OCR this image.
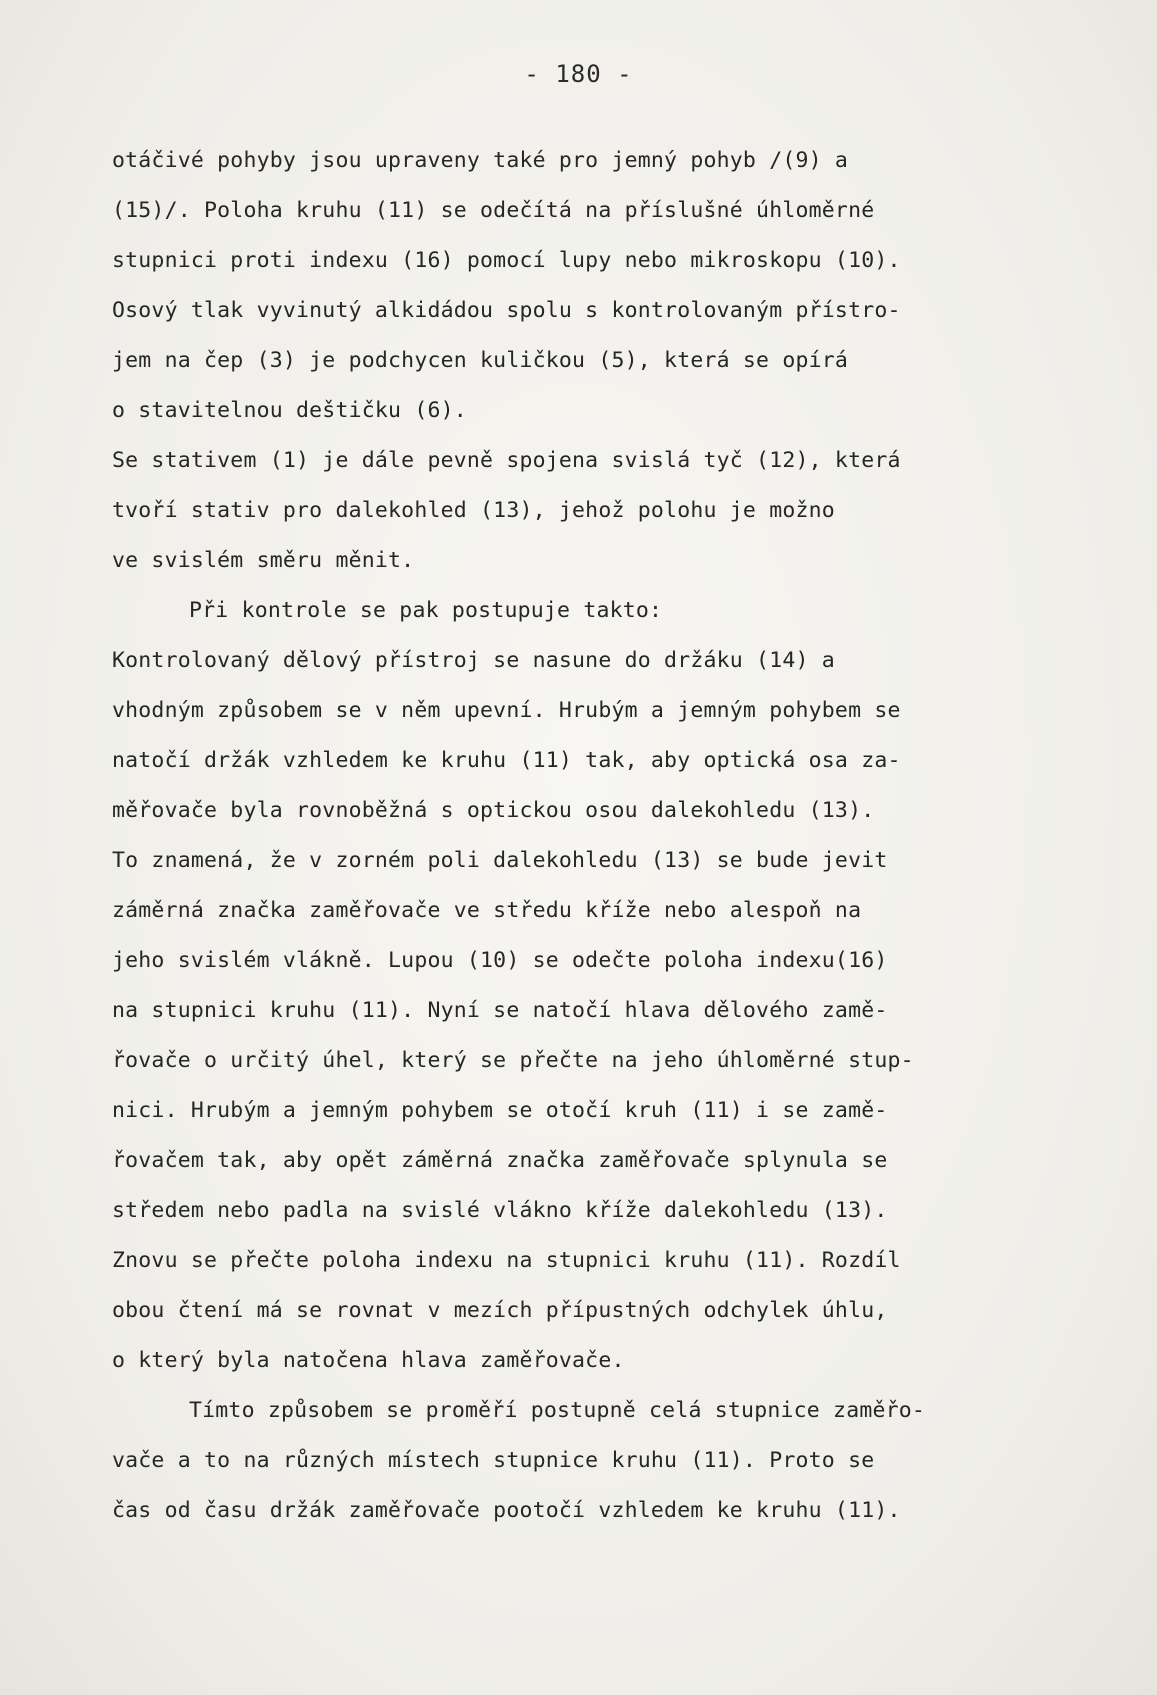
- 180 -
otáčivé pohyby jsou upraveny také pro jemný pohyb /(9) a
(15)/. Poloha kruhu (11) se odečítá na příslušné úhloměrné
stupnici proti indexu (16) pomocí lupy nebo mikroskopu (10).
Osový tlak vyvinutý alkidádou spolu s kontrolovaným přístro-
jem na čep (3) je podchycen kuličkou (5), která se opírá
o stavitelnou deštičku (6).
Se stativem (1) je dále pevně spojena svislá tyč (12), která
tvoří stativ pro dalekohled (13), jehož polohu je možno
ve svislém směru měnit.
Při kontrole se pak postupuje takto:
Kontrolovaný dělový přístroj se nasune do držáku (14) a
vhodným způsobem se v něm upevní. Hrubým a jemným pohybem se
natočí držák vzhledem ke kruhu (11) tak, aby optická osa za-
měřovače byla rovnoběžná s optickou osou dalekohledu (13).
To znamená, že v zorném poli dalekohledu (13) se bude jevit
záměrná značka zaměřovače ve středu kříže nebo alespoň na
jeho svislém vlákně. Lupou (10) se odečte poloha indexu(16)
na stupnici kruhu (11). Nyní se natočí hlava dělového zamě-
řovače o určitý úhel, který se přečte na jeho úhloměrné stup-
nici. Hrubým a jemným pohybem se otočí kruh (11) i se zamě-
řovačem tak, aby opět záměrná značka zaměřovače splynula se
středem nebo padla na svislé vlákno kříže dalekohledu (13).
Znovu se přečte poloha indexu na stupnici kruhu (11). Rozdíl
obou čtení má se rovnat v mezích přípustných odchylek úhlu,
o který byla natočena hlava zaměřovače.
Tímto způsobem se proměří postupně celá stupnice zaměřo-
vače a to na různých místech stupnice kruhu (11). Proto se
čas od času držák zaměřovače pootočí vzhledem ke kruhu (11).
